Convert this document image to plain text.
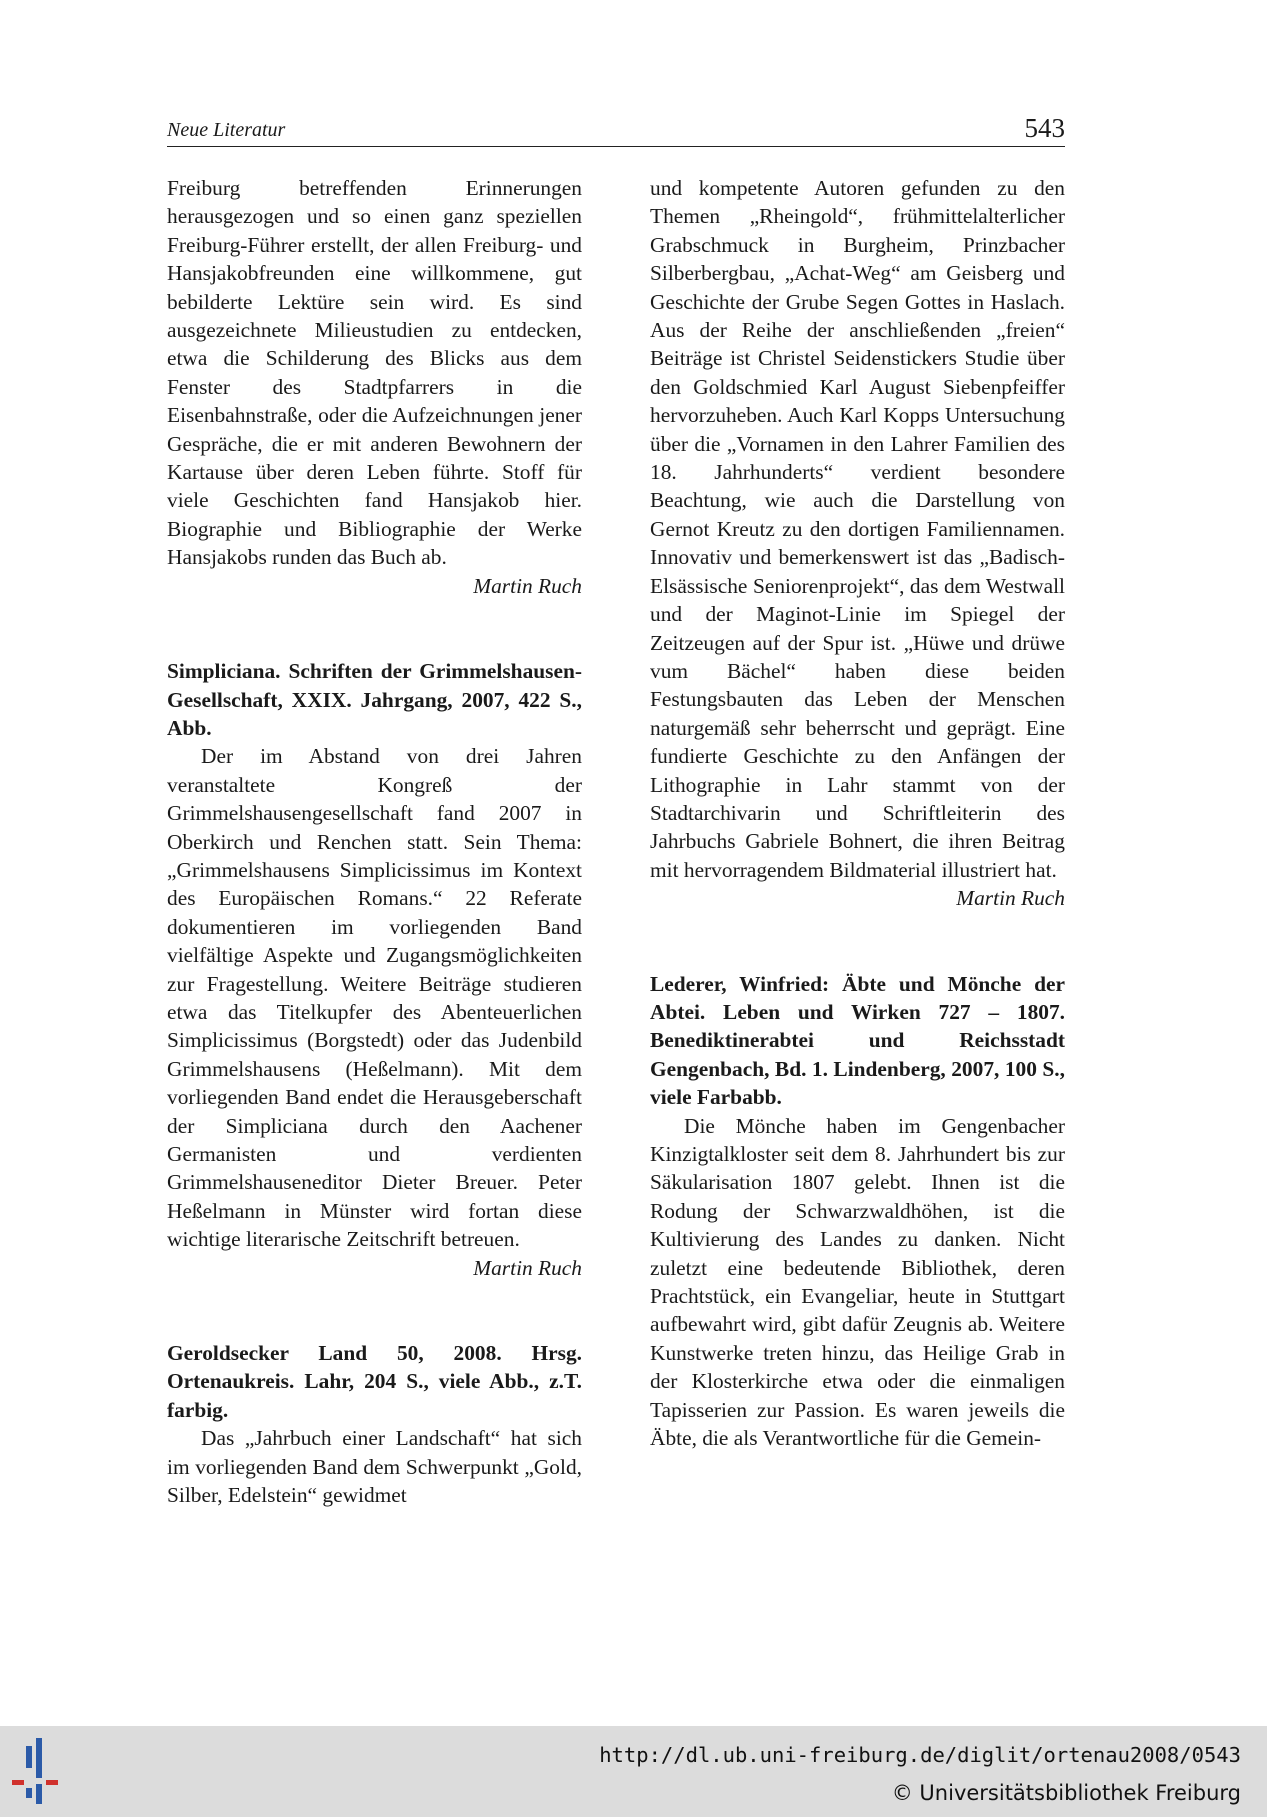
Neue Literatur	543

Freiburg betreffenden Erinnerungen herausgezogen und so einen ganz speziellen Freiburg-Führer erstellt, der allen Freiburg- und Hansjakobfreunden eine willkommene, gut bebilderte Lektüre sein wird. Es sind ausgezeichnete Milieustudien zu entdecken, etwa die Schilderung des Blicks aus dem Fenster des Stadtpfarrers in die Eisenbahnstraße, oder die Aufzeichnungen jener Gespräche, die er mit anderen Bewohnern der Kartause über deren Leben führte. Stoff für viele Geschichten fand Hansjakob hier. Biographie und Bibliographie der Werke Hansjakobs runden das Buch ab.

Martin Ruch

Simpliciana. Schriften der Grimmelshausen-Gesellschaft, XXIX. Jahrgang, 2007, 422 S., Abb.

Der im Abstand von drei Jahren veranstaltete Kongreß der Grimmelshausengesellschaft fand 2007 in Oberkirch und Renchen statt. Sein Thema: „Grimmelshausens Simplicissimus im Kontext des Europäischen Romans.“ 22 Referate dokumentieren im vorliegenden Band vielfältige Aspekte und Zugangsmöglichkeiten zur Fragestellung. Weitere Beiträge studieren etwa das Titelkupfer des Abenteuerlichen Simplicissimus (Borgstedt) oder das Judenbild Grimmelshausens (Heßelmann). Mit dem vorliegenden Band endet die Herausgeberschaft der Simpliciana durch den Aachener Germanisten und verdienten Grimmelshauseneditor Dieter Breuer. Peter Heßelmann in Münster wird fortan diese wichtige literarische Zeitschrift betreuen.

Martin Ruch

Geroldsecker Land 50, 2008. Hrsg. Ortenaukreis. Lahr, 204 S., viele Abb., z.T. farbig.

Das „Jahrbuch einer Landschaft“ hat sich im vorliegenden Band dem Schwerpunkt „Gold, Silber, Edelstein“ gewidmet

und kompetente Autoren gefunden zu den Themen „Rheingold“, frühmittelalterlicher Grabschmuck in Burgheim, Prinzbacher Silberbergbau, „Achat-Weg“ am Geisberg und Geschichte der Grube Segen Gottes in Haslach. Aus der Reihe der anschließenden „freien“ Beiträge ist Christel Seidenstickers Studie über den Goldschmied Karl August Siebenpfeiffer hervorzuheben. Auch Karl Kopps Untersuchung über die „Vornamen in den Lahrer Familien des 18. Jahrhunderts“ verdient besondere Beachtung, wie auch die Darstellung von Gernot Kreutz zu den dortigen Familiennamen. Innovativ und bemerkenswert ist das „Badisch-Elsässische Seniorenprojekt“, das dem Westwall und der Maginot-Linie im Spiegel der Zeitzeugen auf der Spur ist. „Hüwe und drüwe vum Bächel“ haben diese beiden Festungsbauten das Leben der Menschen naturgemäß sehr beherrscht und geprägt. Eine fundierte Geschichte zu den Anfängen der Lithographie in Lahr stammt von der Stadtarchivarin und Schriftleiterin des Jahrbuchs Gabriele Bohnert, die ihren Beitrag mit hervorragendem Bildmaterial illustriert hat.

Martin Ruch

Lederer, Winfried: Äbte und Mönche der Abtei. Leben und Wirken 727 – 1807. Benediktinerabtei und Reichsstadt Gengenbach, Bd. 1. Lindenberg, 2007, 100 S., viele Farbabb.

Die Mönche haben im Gengenbacher Kinzigtalkloster seit dem 8. Jahrhundert bis zur Säkularisation 1807 gelebt. Ihnen ist die Rodung der Schwarzwaldhöhen, ist die Kultivierung des Landes zu danken. Nicht zuletzt eine bedeutende Bibliothek, deren Prachtstück, ein Evangeliar, heute in Stuttgart aufbewahrt wird, gibt dafür Zeugnis ab. Weitere Kunstwerke treten hinzu, das Heilige Grab in der Klosterkirche etwa oder die einmaligen Tapisserien zur Passion. Es waren jeweils die Äbte, die als Verantwortliche für die Gemein-

http://dl.ub.uni-freiburg.de/diglit/ortenau2008/0543
© Universitätsbibliothek Freiburg
